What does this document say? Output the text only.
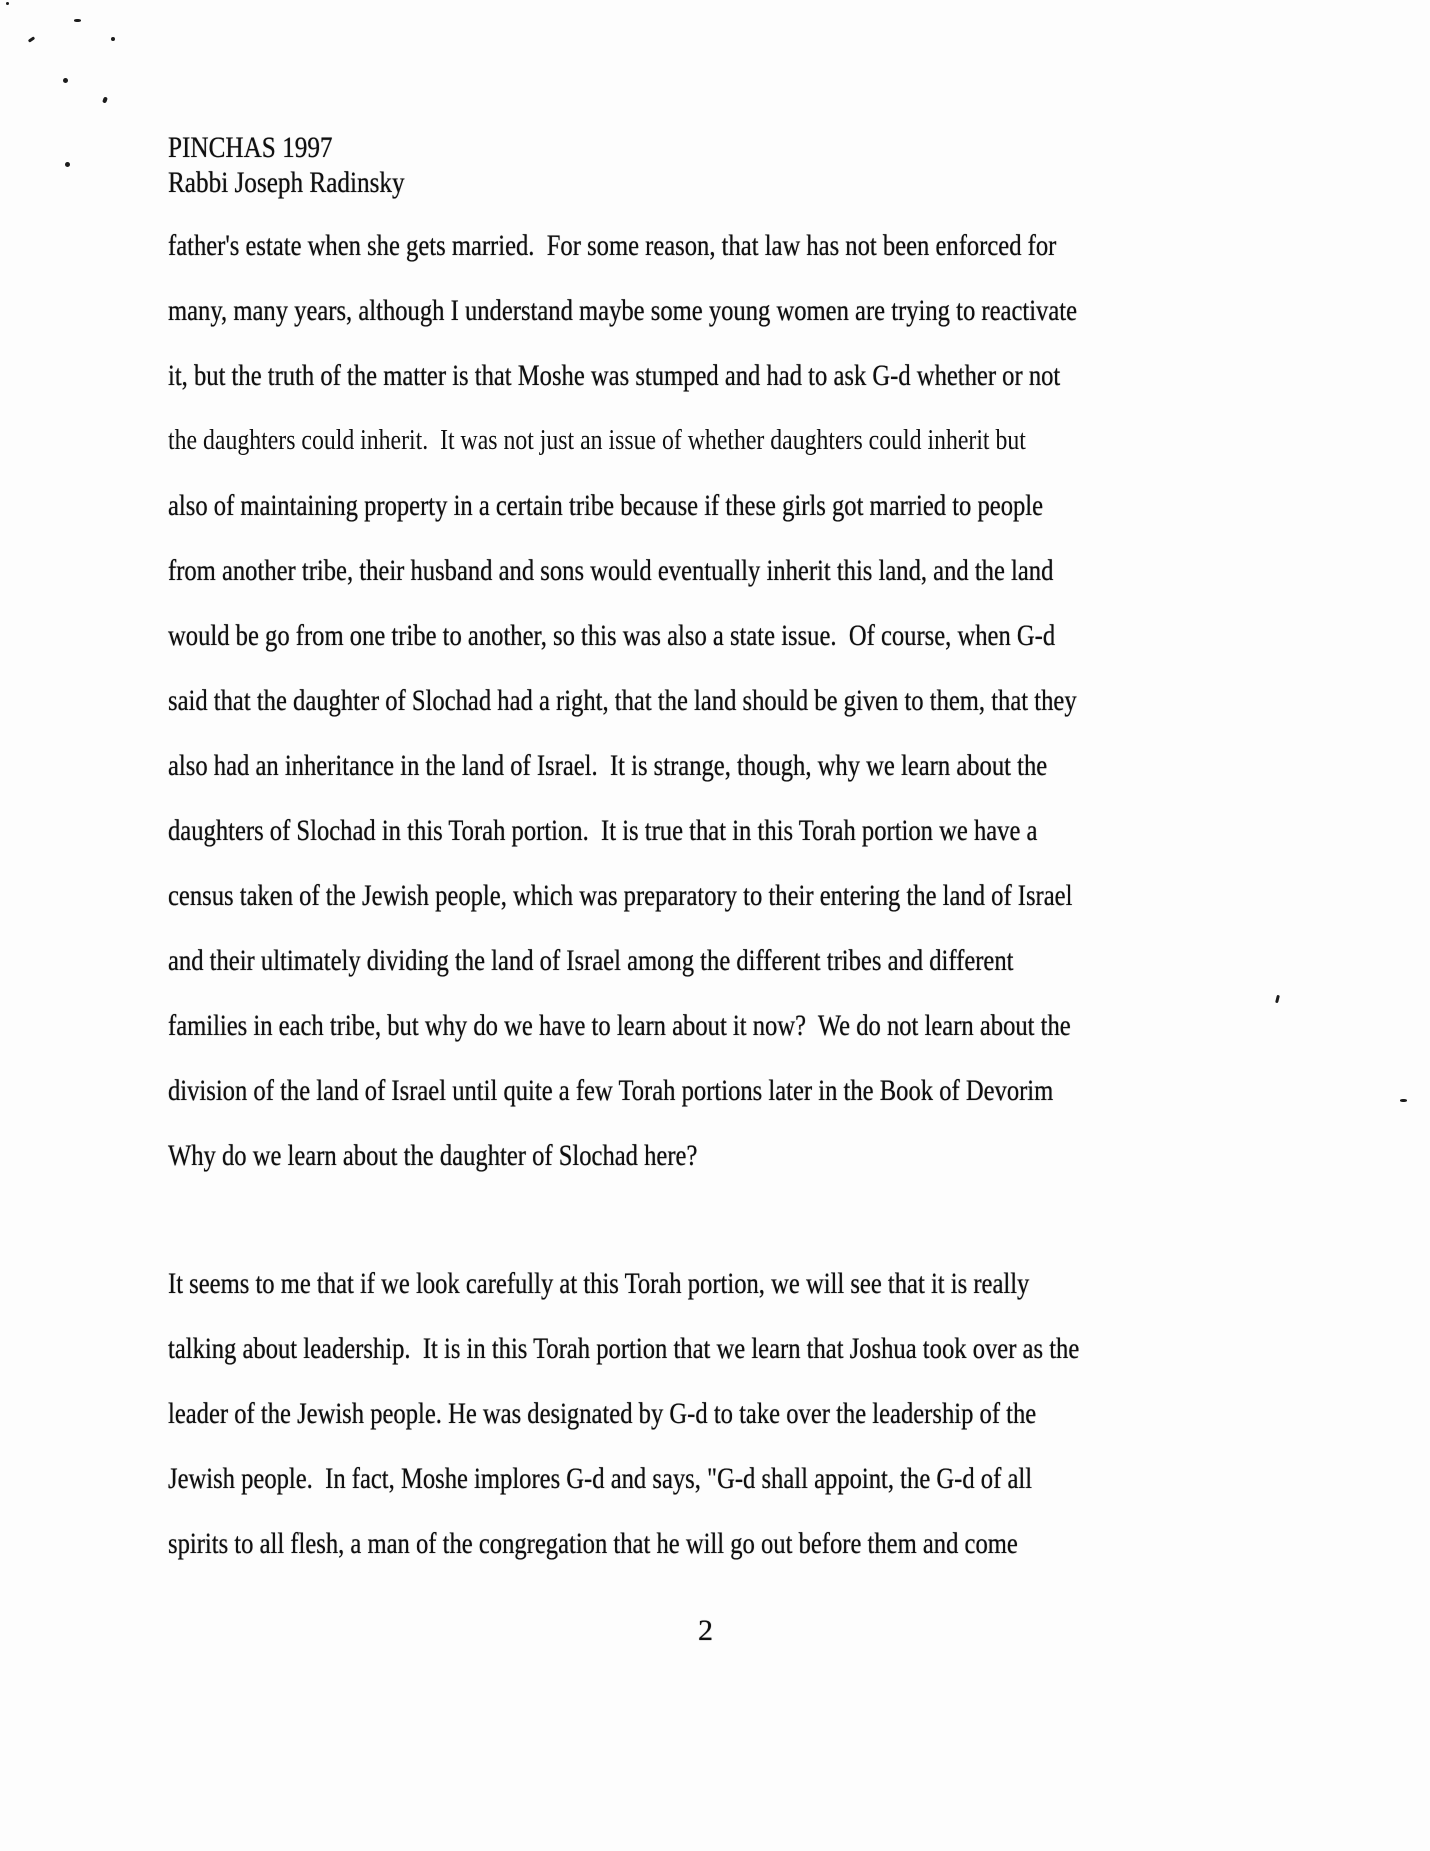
PINCHAS 1997
Rabbi Joseph Radinsky
father's estate when she gets married.  For some reason, that law has not been enforced for
many, many years, although I understand maybe some young women are trying to reactivate
it, but the truth of the matter is that Moshe was stumped and had to ask G-d whether or not
the daughters could inherit.  It was not just an issue of whether daughters could inherit but
also of maintaining property in a certain tribe because if these girls got married to people
from another tribe, their husband and sons would eventually inherit this land, and the land
would be go from one tribe to another, so this was also a state issue.  Of course, when G-d
said that the daughter of Slochad had a right, that the land should be given to them, that they
also had an inheritance in the land of Israel.  It is strange, though, why we learn about the
daughters of Slochad in this Torah portion.  It is true that in this Torah portion we have a
census taken of the Jewish people, which was preparatory to their entering the land of Israel
and their ultimately dividing the land of Israel among the different tribes and different
families in each tribe, but why do we have to learn about it now?  We do not learn about the
division of the land of Israel until quite a few Torah portions later in the Book of Devorim
Why do we learn about the daughter of Slochad here?
It seems to me that if we look carefully at this Torah portion, we will see that it is really
talking about leadership.  It is in this Torah portion that we learn that Joshua took over as the
leader of the Jewish people. He was designated by G-d to take over the leadership of the
Jewish people.  In fact, Moshe implores G-d and says, "G-d shall appoint, the G-d of all
spirits to all flesh, a man of the congregation that he will go out before them and come
2
